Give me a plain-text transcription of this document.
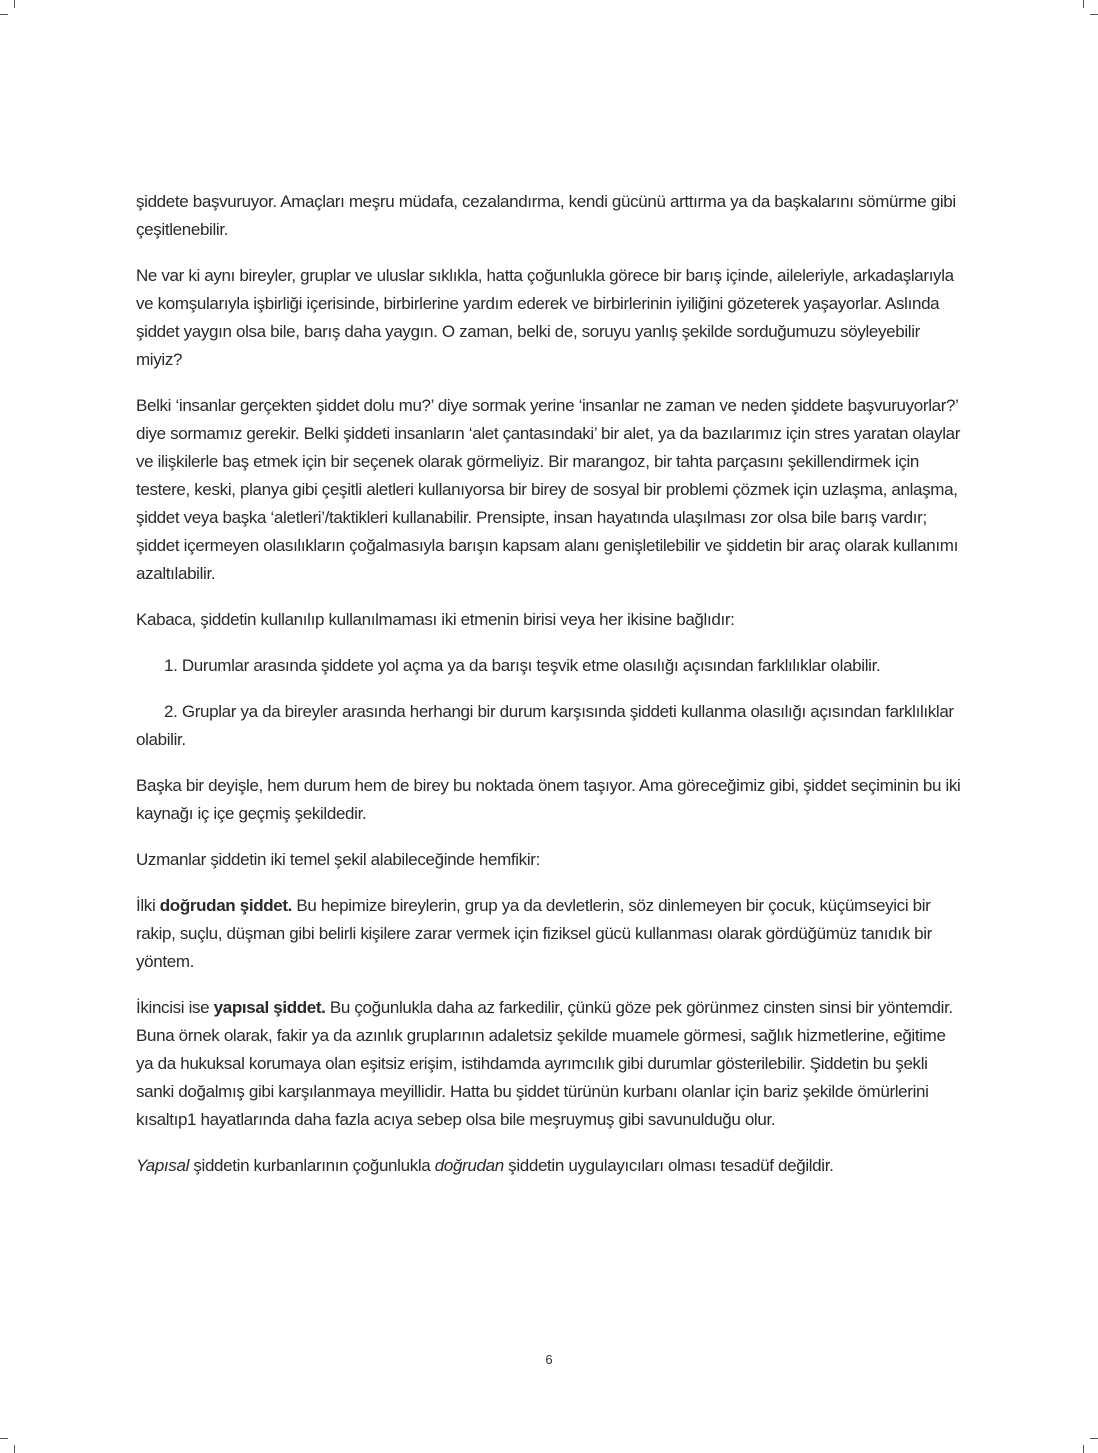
şiddete başvuruyor. Amaçları meşru müdafa, cezalandırma, kendi gücünü arttırma ya da başkalarını sömürme gibi çeşitlenebilir.

Ne var ki aynı bireyler, gruplar ve uluslar sıklıkla, hatta çoğunlukla görece bir barış içinde, aileleriyle, arkadaşlarıyla ve komşularıyla işbirliği içerisinde, birbirlerine yardım ederek ve birbirlerinin iyiliğini gözeterek yaşayorlar. Aslında şiddet yaygın olsa bile, barış daha yaygın. O zaman, belki de, soruyu yanlış şekilde sorduğumuzu söyleyebilir miyiz?

Belki ‘insanlar gerçekten şiddet dolu mu?’ diye sormak yerine ‘insanlar ne zaman ve neden şiddete başvuruyorlar?’ diye sormamız gerekir. Belki şiddeti insanların ‘alet çantasındaki’ bir alet, ya da bazılarımız için stres yaratan olaylar ve ilişkilerle baş etmek için bir seçenek olarak görmeliyiz. Bir marangoz, bir tahta parçasını şekillendirmek için testere, keski, planya gibi çeşitli aletleri kullanıyorsa bir birey de sosyal bir problemi çözmek için uzlaşma, anlaşma, şiddet veya başka ‘aletleri’/taktikleri kullanabilir. Prensipte, insan hayatında ulaşılması zor olsa bile barış vardır; şiddet içermeyen olasılıkların çoğalmasıyla barışın kapsam alanı genişletilebilir ve şiddetin bir araç olarak kullanımı azaltılabilir.

Kabaca, şiddetin kullanılıp kullanılmaması iki etmenin birisi veya her ikisine bağlıdır:

1. Durumlar arasında şiddete yol açma ya da barışı teşvik etme olasılığı açısından farklılıklar olabilir.

2. Gruplar ya da bireyler arasında herhangi bir durum karşısında şiddeti kullanma olasılığı açısından farklılıklar olabilir.

Başka bir deyişle, hem durum hem de birey bu noktada önem taşıyor. Ama göreceğimiz gibi, şiddet seçiminin bu iki kaynağı iç içe geçmiş şekildedir.

Uzmanlar şiddetin iki temel şekil alabileceğinde hemfikir:

İlki doğrudan şiddet. Bu hepimize bireylerin, grup ya da devletlerin, söz dinlemeyen bir çocuk, küçümseyici bir rakip, suçlu, düşman gibi belirli kişilere zarar vermek için fiziksel gücü kullanması olarak gördüğümüz tanıdık bir yöntem.

İkincisi ise yapısal şiddet. Bu çoğunlukla daha az farkedilir, çünkü göze pek görünmez cinsten sinsi bir yöntemdir. Buna örnek olarak, fakir ya da azınlık gruplarının adaletsiz şekilde muamele görmesi, sağlık hizmetlerine, eğitime ya da hukuksal korumaya olan eşitsiz erişim, istihdamda ayrımcılık gibi durumlar gösterilebilir. Şiddetin bu şekli sanki doğalmış gibi karşılanmaya meyillidir. Hatta bu şiddet türünün kurbanı olanlar için bariz şekilde ömürlerini kısaltıp1 hayatlarında daha fazla acıya sebep olsa bile meşruymuş gibi savunulduğu olur.

Yapısal şiddetin kurbanlarının çoğunlukla doğrudan şiddetin uygulayıcıları olması tesadüf değildir.

6
